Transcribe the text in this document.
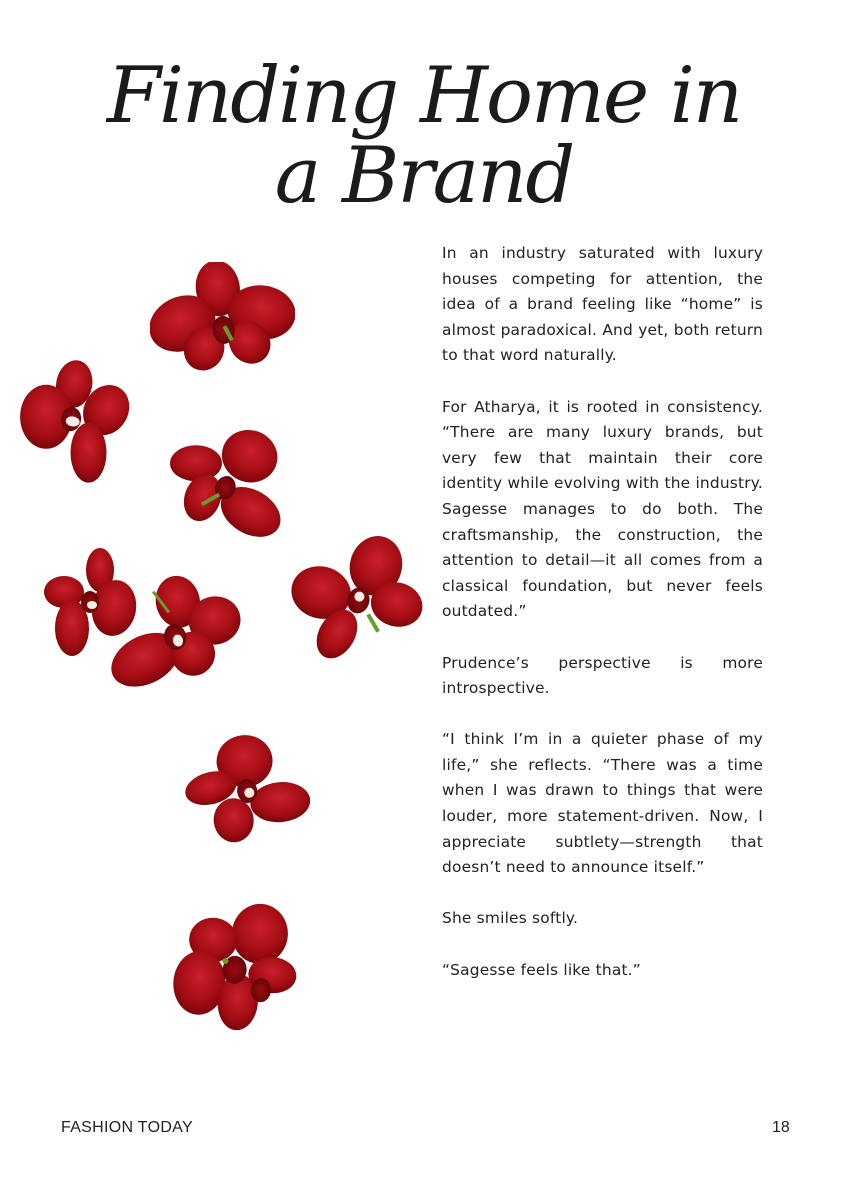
Finding Home in
a Brand

In an industry saturated with luxury houses competing for attention, the idea of a brand feeling like “home” is almost paradoxical. And yet, both return to that word naturally.

For Atharya, it is rooted in consistency. “There are many luxury brands, but very few that maintain their core identity while evolving with the industry. Sagesse manages to do both. The craftsmanship, the construction, the attention to detail—it all comes from a classical foundation, but never feels outdated.”

Prudence’s perspective is more introspective.

“I think I’m in a quieter phase of my life,” she reflects. “There was a time when I was drawn to things that were louder, more statement-driven. Now, I appreciate subtlety—strength that doesn’t need to announce itself.”

She smiles softly.

“Sagesse feels like that.”

FASHION TODAY	18
